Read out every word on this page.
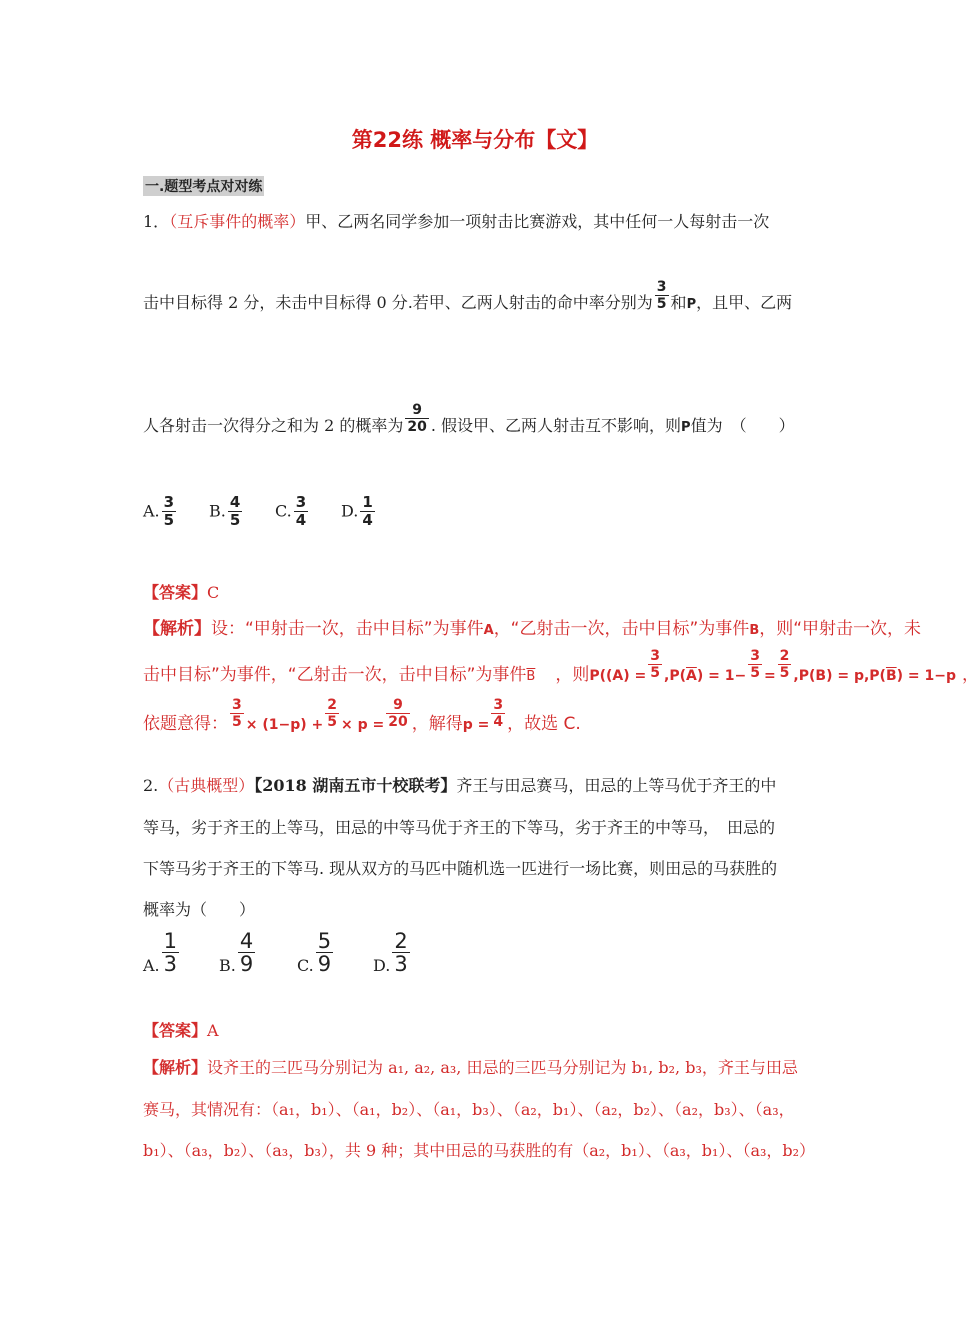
第22练 概率与分布【文】
一.题型考点对对练
1．（互斥事件的概率）甲、乙两名同学参加一项射击比赛游戏，其中任何一人每射击一次
击中目标得 2 分，未击中目标得 0 分.若甲、乙两人射击的命中率分别为 $\frac{3}{5}$ 和P，且甲、乙两
人各射击一次得分之和为 2 的概率为 $\frac{9}{20}$ . 假设甲、乙两人射击互不影响，则P值为　（　　）
A. $\frac{3}{5} B$. $\frac{4}{5} C$. $\frac{3}{4} D$. $\frac{1}{4}$
【答案】C
【解析】设：“甲射击一次，击中目标”为事件A，“乙射击一次，击中目标”为事件B，则“甲射击一次，未
击中目标”为事件，“乙射击一次，击中目标”为事件$_{\overline{B}}$ ，则$_{P((A) =} \frac{3}{5} _{,P(\overline{A}) = 1-} \frac{3}{5} _= \frac{2}{5} _{,P(B) = p,P(\overline{B}) = 1-p}$ ，
依题意得： $\frac{3}{5} _{\times (1-p) +} \frac{2}{5} _{\times p =} \frac{9}{20}$ ，解得$_{p =} \frac{3}{4}$ ，故选 C.
2.（古典概型）【2018 湖南五市十校联考】齐王与田忌赛马，田忌的上等马优于齐王的中
等马，劣于齐王的上等马，田忌的中等马优于齐王的下等马，劣于齐王的中等马，　田忌的
下等马劣于齐王的下等马. 现从双方的马匹中随机选一匹进行一场比赛，则田忌的马获胜的
概率为（　　）
A. $\frac{1}{3} B$. $\frac{4}{9}$	C. $\frac{5}{9} D$. $\frac{2}{3}$
【答案】A
【解析】设齐王的三匹马分别记为 a₁, a₂, a₃, 田忌的三匹马分别记为 b₁, b₂, b₃，齐王与田忌
赛马，其情况有：（a₁，b₁）、（a₁，b₂）、（a₁，b₃）、（a₂，b₁）、（a₂，b₂）、（a₂，b₃）、（a₃，
b₁）、（a₃，b₂）、（a₃，b₃），共 9 种；其中田忌的马获胜的有（a₂，b₁）、（a₃，b₁）、（a₃，b₂）
